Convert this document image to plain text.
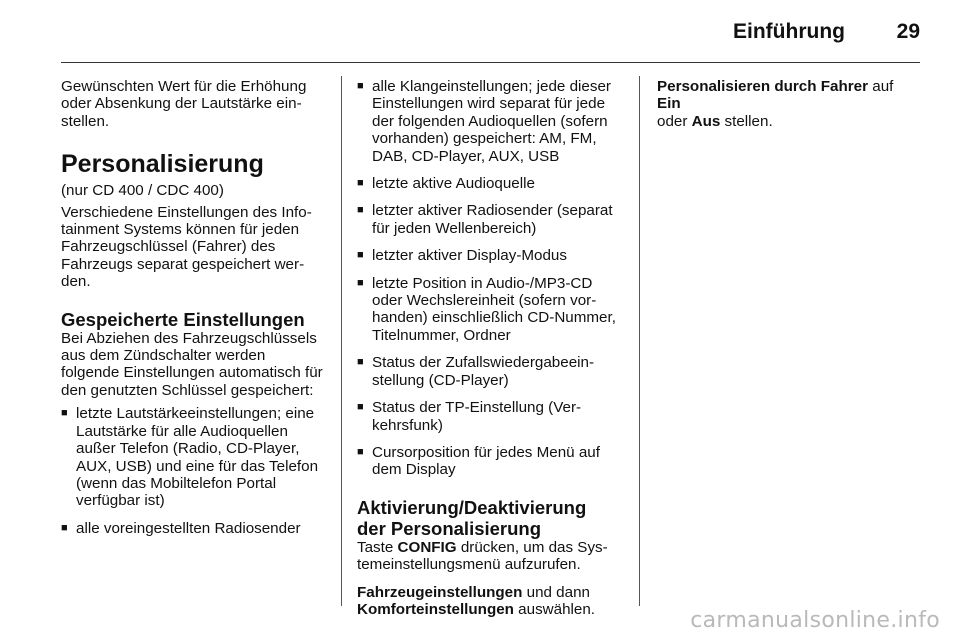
Einführung	29

Gewünschten Wert für die Erhöhung oder Absenkung der Lautstärke einstellen.

Personalisierung

(nur CD 400 / CDC 400)

Verschiedene Einstellungen des Infotainment Systems können für jeden Fahrzeugschlüssel (Fahrer) des Fahrzeugs separat gespeichert werden.

Gespeicherte Einstellungen

Bei Abziehen des Fahrzeugschlüssels aus dem Zündschalter werden folgende Einstellungen automatisch für den genutzten Schlüssel gespeichert:

■ letzte Lautstärkeeinstellungen; eine Lautstärke für alle Audioquellen außer Telefon (Radio, CD-Player, AUX, USB) und eine für das Telefon (wenn das Mobiltelefon Portal verfügbar ist)
■ alle voreingestellten Radiosender
■ alle Klangeinstellungen; jede dieser Einstellungen wird separat für jede der folgenden Audioquellen (sofern vorhanden) gespeichert: AM, FM, DAB, CD-Player, AUX, USB
■ letzte aktive Audioquelle
■ letzter aktiver Radiosender (separat für jeden Wellenbereich)
■ letzter aktiver Display-Modus
■ letzte Position in Audio-/MP3-CD oder Wechslereinheit (sofern vorhanden) einschließlich CD-Nummer, Titelnummer, Ordner
■ Status der Zufallswiedergabeeinstellung (CD-Player)
■ Status der TP-Einstellung (Verkehrsfunk)
■ Cursorposition für jedes Menü auf dem Display
Aktivierung/Deaktivierung der Personalisierung

Taste CONFIG drücken, um das Systemeinstellungsmenü aufzurufen.

Fahrzeugeinstellungen und dann
Komforteinstellungen auswählen.

Personalisieren durch Fahrer auf Ein
oder Aus stellen.

carmanualsonline.info
